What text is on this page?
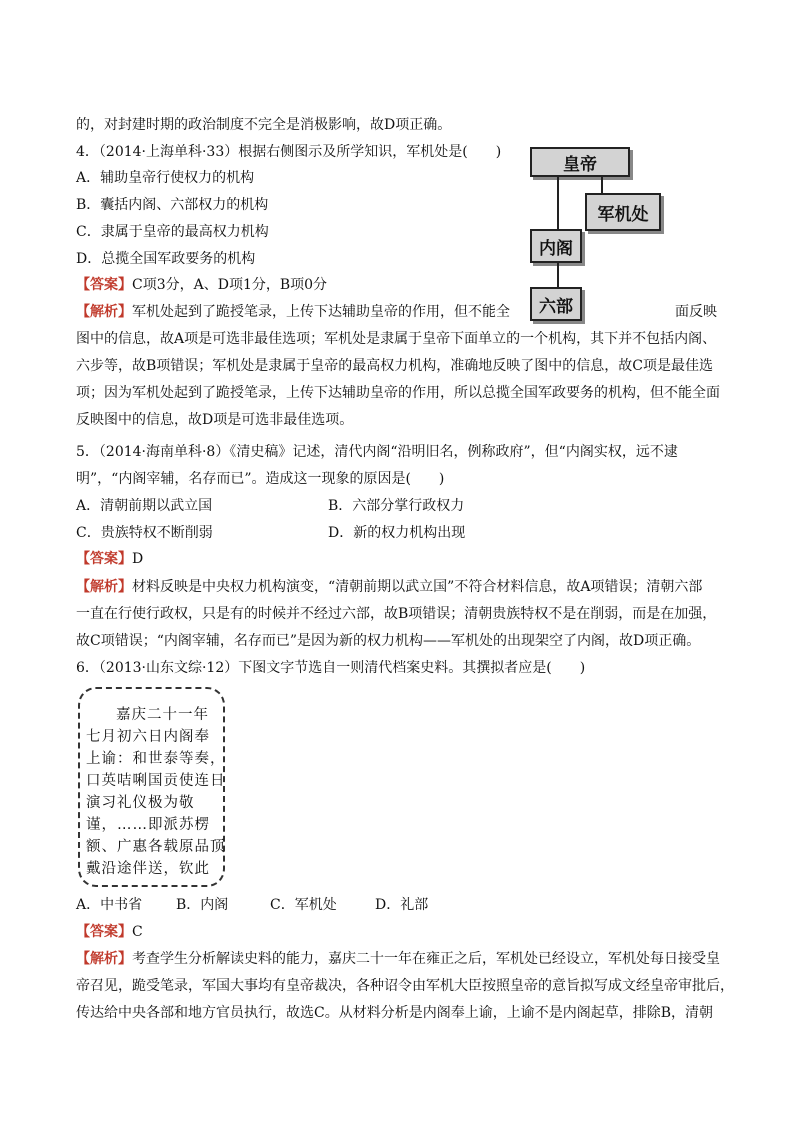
的，对封建时期的政治制度不完全是消极影响，故D项正确。
4．（2014·上海单科·33）根据右侧图示及所学知识，军机处是(　　)
A．辅助皇帝行使权力的机构
B．囊括内阁、六部权力的机构
C．隶属于皇帝的最高权力机构
D．总揽全国军政要务的机构
【答案】C项3分，A、D项1分，B项0分
【解析】军机处起到了跪授笔录，上传下达辅助皇帝的作用，但不能全	面反映
图中的信息，故A项是可选非最佳选项；军机处是隶属于皇帝下面单立的一个机构，其下并不包括内阁、
六步等，故B项错误；军机处是隶属于皇帝的最高权力机构，准确地反映了图中的信息，故C项是最佳选
项；因为军机处起到了跪授笔录，上传下达辅助皇帝的作用，所以总揽全国军政要务的机构，但不能全面
反映图中的信息，故D项是可选非最佳选项。
皇帝
军机处
内阁
六部
5．（2014·海南单科·8）《清史稿》记述，清代内阁“沿明旧名，例称政府”，但“内阁实权，远不逮
明”，“内阁宰辅，名存而已”。造成这一现象的原因是(　　)
A．清朝前期以武立国	B．六部分掌行政权力
C．贵族特权不断削弱	D．新的权力机构出现
【答案】D
【解析】材料反映是中央权力机构演变，“清朝前期以武立国”不符合材料信息，故A项错误；清朝六部
一直在行使行政权，只是有的时候并不经过六部，故B项错误；清朝贵族特权不是在削弱，而是在加强，
故C项错误；“内阁宰辅，名存而已”是因为新的权力机构——军机处的出现架空了内阁，故D项正确。
6．（2013·山东文综·12）下图文字节选自一则清代档案史料。其撰拟者应是(　　)
嘉庆二十一年
七月初六日内阁奉
上谕：和世泰等奏，
口英咭唎国贡使连日
演习礼仪极为敬
谨，……即派苏楞
额、广惠各载原品顶
戴沿途伴送，钦此
A．中书省 B．内阁	C．军机处	D．礼部
【答案】C
【解析】考查学生分析解读史料的能力，嘉庆二十一年在雍正之后，军机处已经设立，军机处每日接受皇
帝召见，跪受笔录，军国大事均有皇帝裁决，各种诏令由军机大臣按照皇帝的意旨拟写成文经皇帝审批后，
传达给中央各部和地方官员执行，故选C。从材料分析是内阁奉上谕，上谕不是内阁起草，排除B，清朝
